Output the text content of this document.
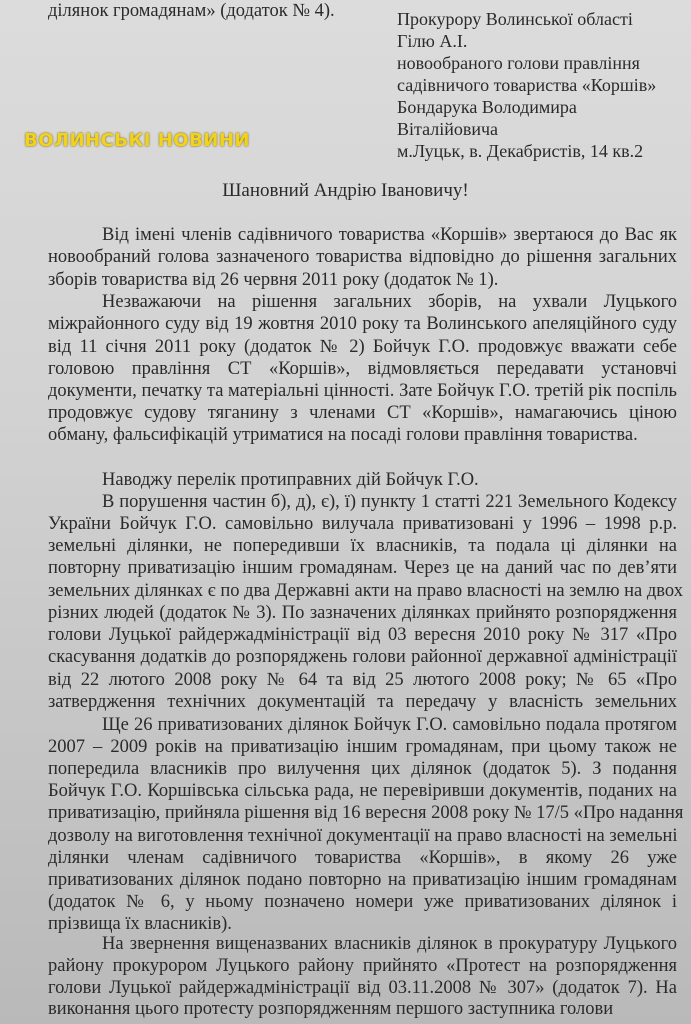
Прокурору Волинської області
Гілю А.І.
новообраного голови правління
садівничого товариства «Коршів»
Бондарука Володимира
Віталійовича
м.Луцьк, в. Декабристів, 14 кв.2
Шановний Андрію Івановичу!
Від імені членів садівничого товариства «Коршів» звертаюся до Вас як
новообраний голова зазначеного товариства відповідно до рішення загальних
зборів товариства від 26 червня 2011 року (додаток № 1).
Незважаючи на рішення загальних зборів, на ухвали Луцького
міжрайонного суду від 19 жовтня 2010 року та Волинського апеляційного суду
від 11 січня 2011 року (додаток № 2) Бойчук Г.О. продовжує вважати себе
головою правління СТ «Коршів», відмовляється передавати установчі
документи, печатку та матеріальні цінності. Зате Бойчук Г.О. третій рік поспіль
продовжує судову тяганину з членами СТ «Коршів», намагаючись ціною
обману, фальсифікацій утриматися на посаді голови правління товариства.
Наводжу перелік протиправних дій Бойчук Г.О.
В порушення частин б), д), є), ї) пункту 1 статті 221 Земельного Кодексу
України Бойчук Г.О. самовільно вилучала приватизовані у 1996 – 1998 р.р.
земельні ділянки, не попередивши їх власників, та подала ці ділянки на
повторну приватизацію іншим громадянам. Через це на даний час по дев’яти
земельних ділянках є по два Державні акти на право власності на землю на двох
різних людей (додаток № 3). По зазначених ділянках прийнято розпорядження
голови Луцької райдержадміністрації від 03 вересня 2010 року № 317 «Про
скасування додатків до розпоряджень голови районної державної адміністрації
від 22 лютого 2008 року № 64 та від 25 лютого 2008 року; № 65 «Про
затвердження технічних документацій та передачу у власність земельних
ділянок громадянам» (додаток № 4).
Ще 26 приватизованих ділянок Бойчук Г.О. самовільно подала протягом
2007 – 2009 років на приватизацію іншим громадянам, при цьому також не
попередила власників про вилучення цих ділянок (додаток 5). З подання
Бойчук Г.О. Коршівська сільська рада, не перевіривши документів, поданих на
приватизацію, прийняла рішення від 16 вересня 2008 року № 17/5 «Про надання
дозволу на виготовлення технічної документації на право власності на земельні
ділянки членам садівничого товариства «Коршів», в якому 26 уже
приватизованих ділянок подано повторно на приватизацію іншим громадянам
(додаток № 6, у ньому позначено номери уже приватизованих ділянок і
прізвища їх власників).
На звернення вищеназваних власників ділянок в прокуратуру Луцького
району прокурором Луцького району прийнято «Протест на розпорядження
голови Луцької райдержадміністрації від 03.11.2008 № 307» (додаток 7). На
виконання цього протесту розпорядженням першого заступника голови
ВОЛИНСЬКІ НОВИНИ
